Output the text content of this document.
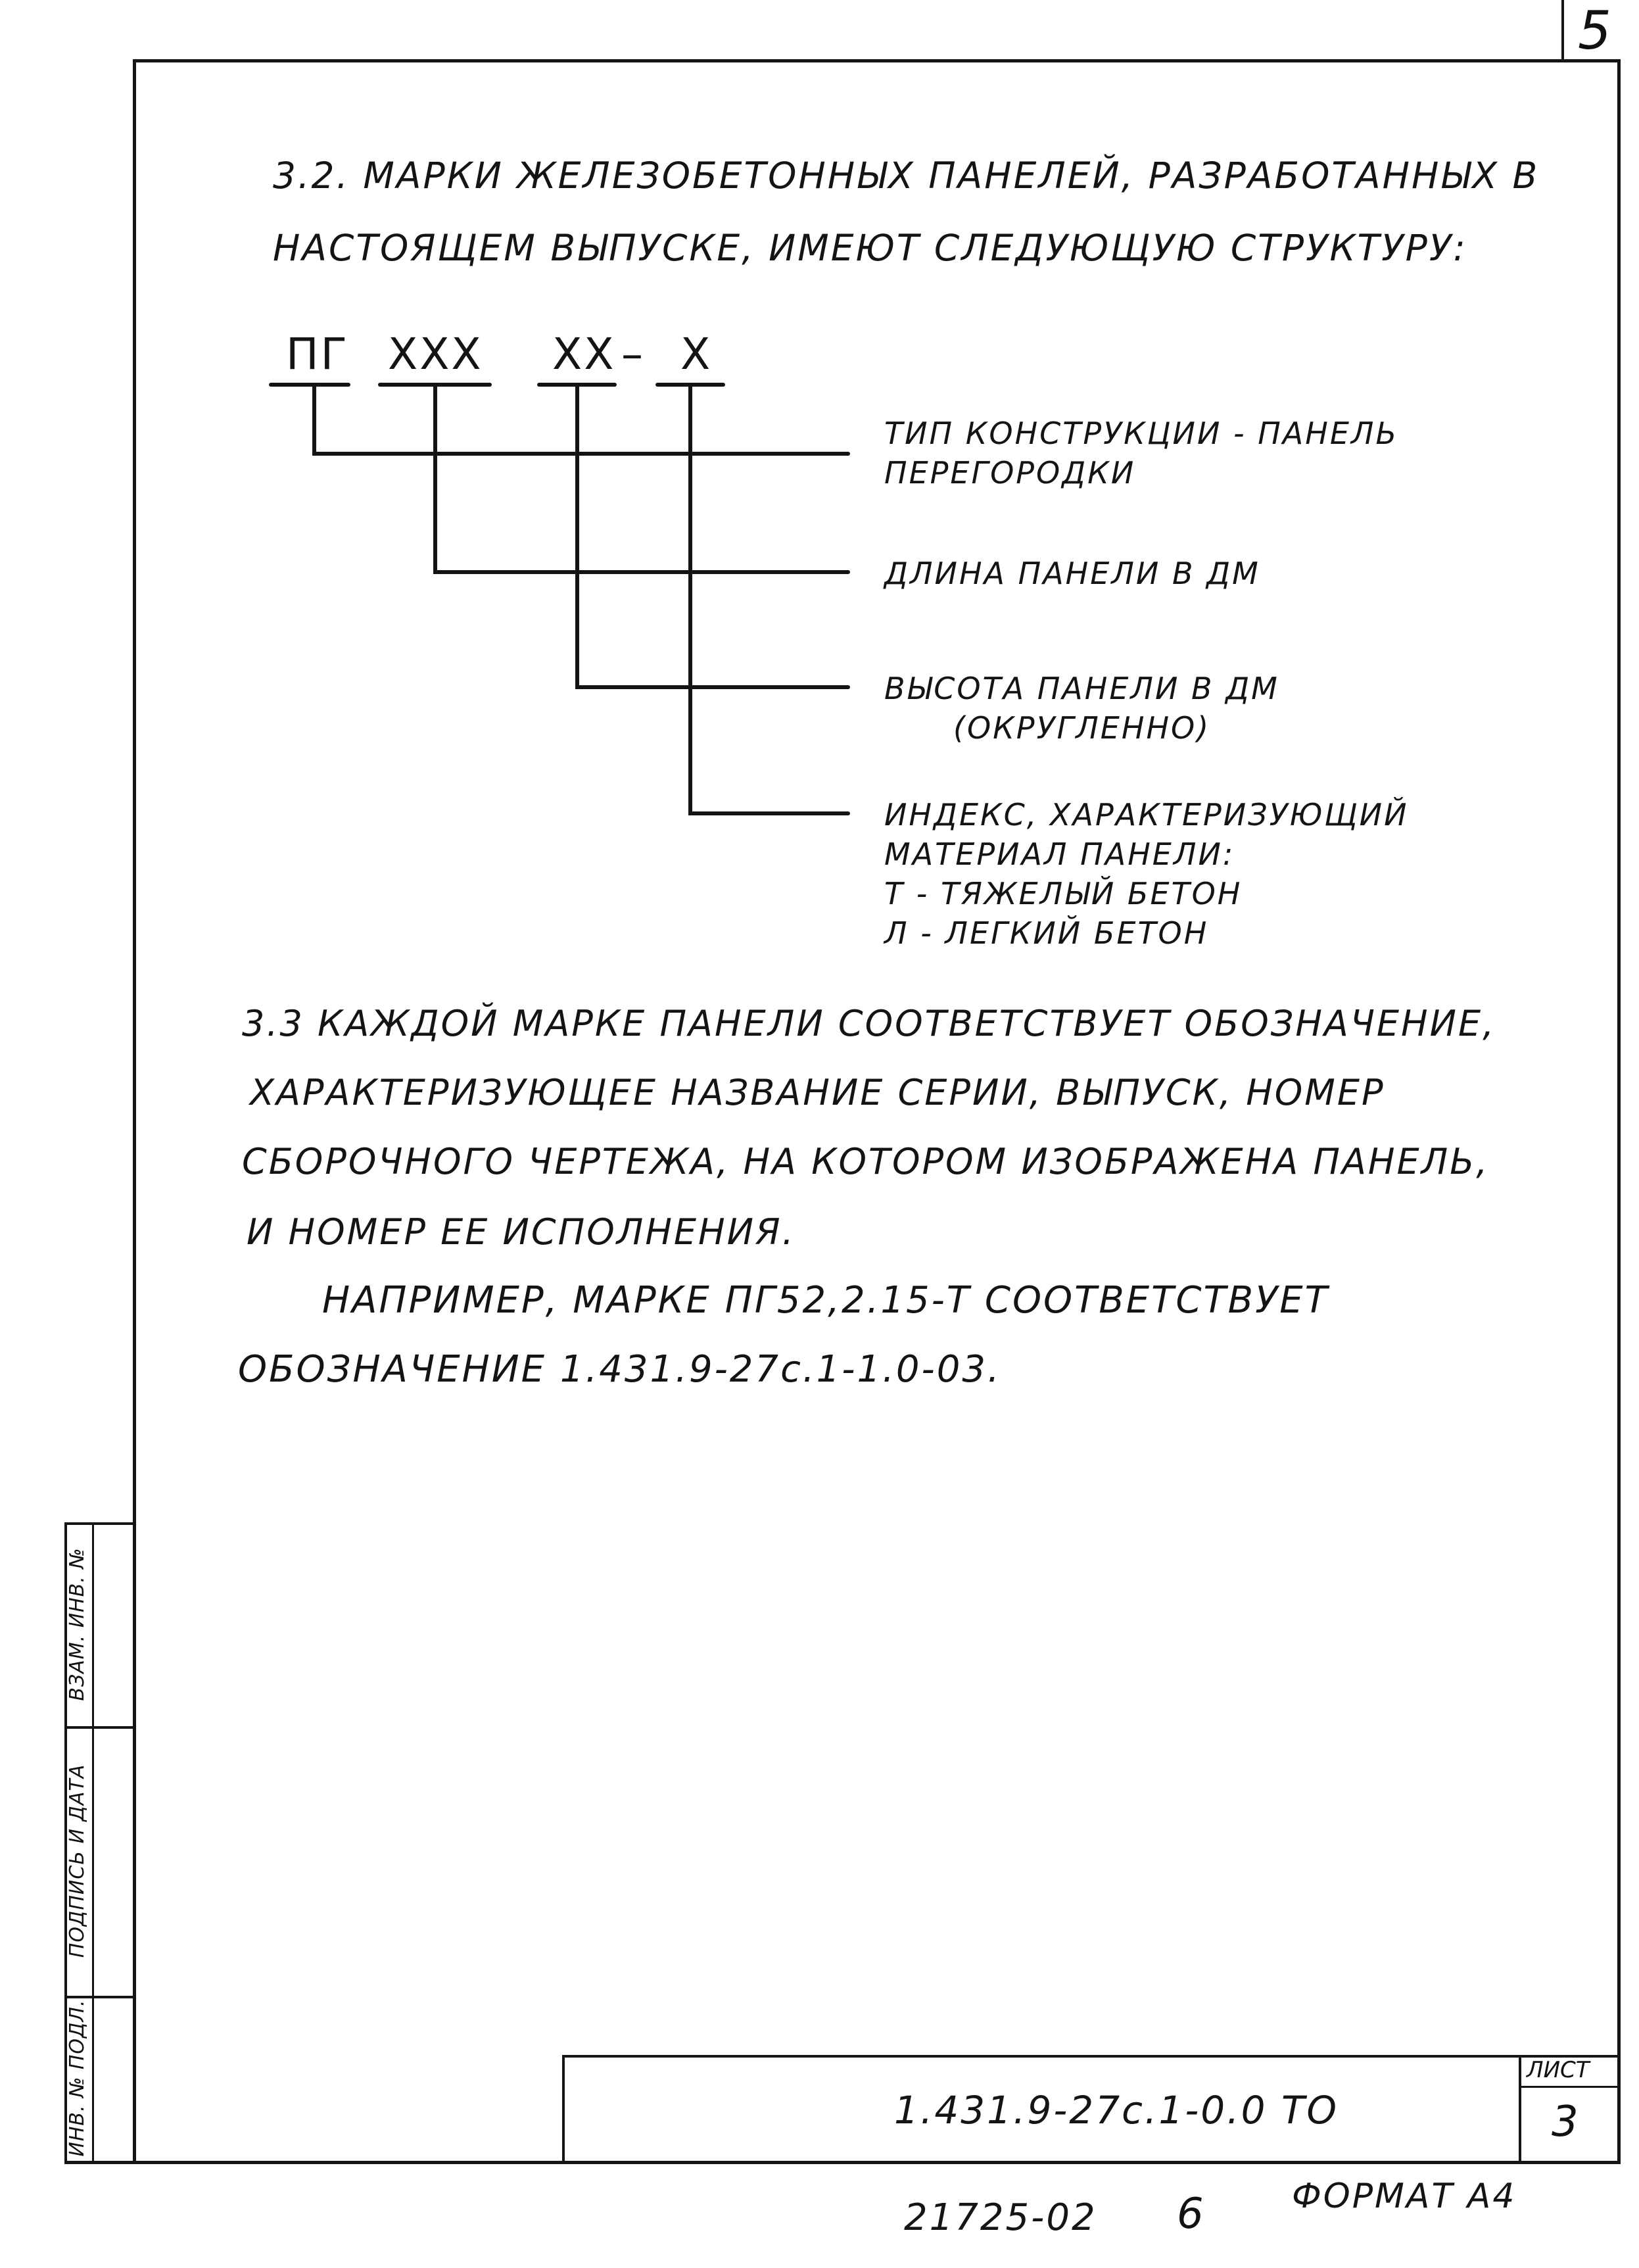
5
3.2. МАРКИ ЖЕЛЕЗОБЕТОННЫХ ПАНЕЛЕЙ, РАЗРАБОТАННЫХ В
НАСТОЯЩЕМ ВЫПУСКЕ, ИМЕЮТ СЛЕДУЮЩУЮ СТРУКТУРУ:
ПГ XXX XX – X
ТИП КОНСТРУКЦИИ - ПАНЕЛЬ
ПЕРЕГОРОДКИ
ДЛИНА ПАНЕЛИ В ДМ
ВЫСОТА ПАНЕЛИ В ДМ
(ОКРУГЛЕННО)
ИНДЕКС, ХАРАКТЕРИЗУЮЩИЙ
МАТЕРИАЛ ПАНЕЛИ:
Т - ТЯЖЕЛЫЙ БЕТОН
Л - ЛЕГКИЙ БЕТОН
3.3 КАЖДОЙ МАРКЕ ПАНЕЛИ СООТВЕТСТВУЕТ ОБОЗНАЧЕНИЕ,
ХАРАКТЕРИЗУЮЩЕЕ НАЗВАНИЕ СЕРИИ, ВЫПУСК, НОМЕР
СБОРОЧНОГО ЧЕРТЕЖА, НА КОТОРОМ ИЗОБРАЖЕНА ПАНЕЛЬ,
И НОМЕР ЕЕ ИСПОЛНЕНИЯ.
НАПРИМЕР, МАРКЕ ПГ52,2.15-Т СООТВЕТСТВУЕТ
ОБОЗНАЧЕНИЕ 1.431.9-27с.1-1.0-03.
ИНВ. № ПОДЛ.
ПОДПИСЬ И ДАТА
ВЗАМ. ИНВ. №
1.431.9-27с.1-0.0 ТО
ЛИСТ
3
21725-02 6	ФОРМАТ А4
